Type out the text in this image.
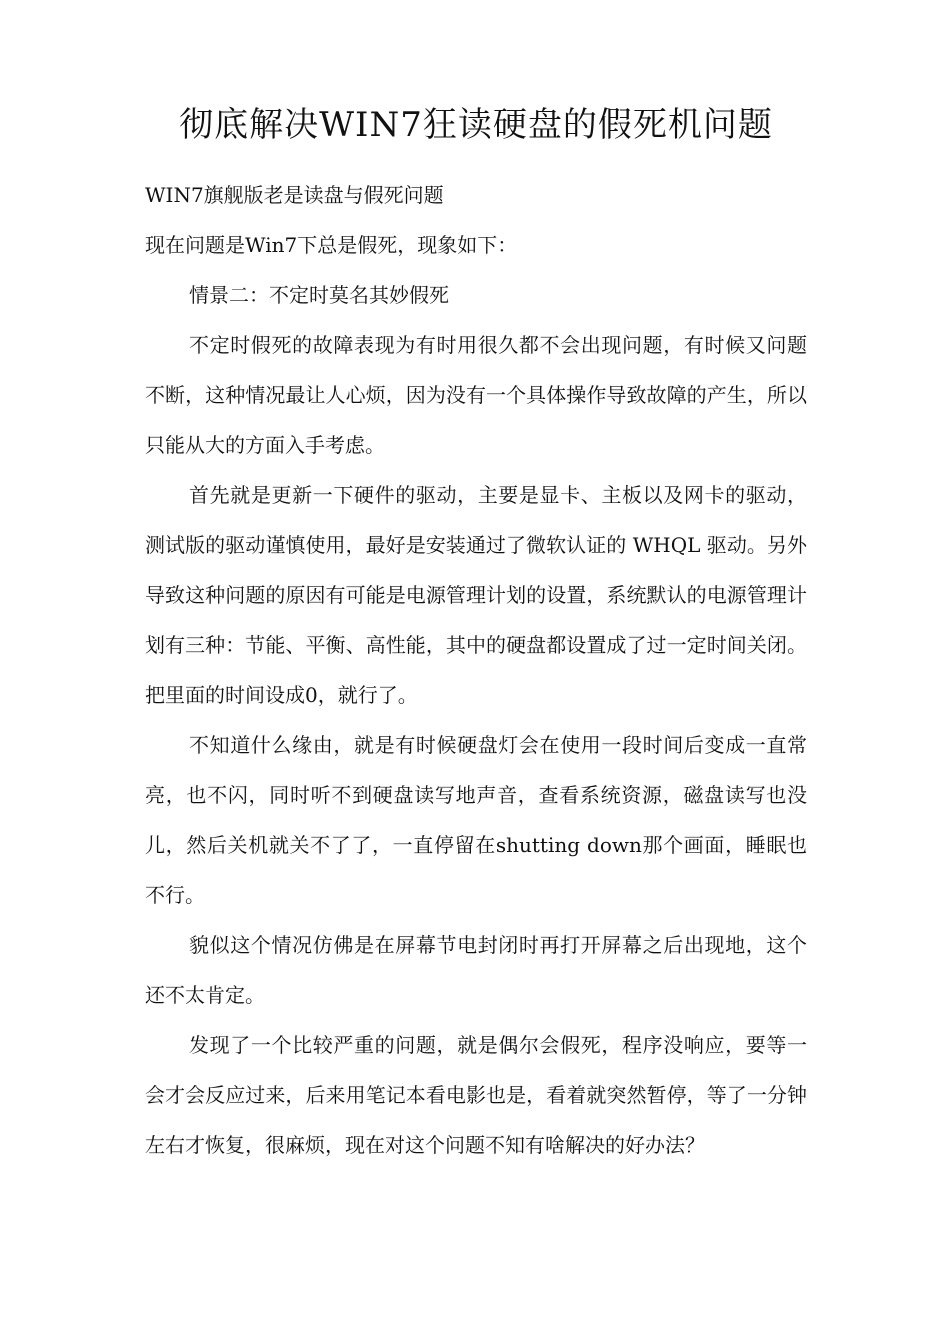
彻底解决WIN7狂读硬盘的假死机问题

WIN7旗舰版老是读盘与假死问题

现在问题是Win7下总是假死，现象如下：

情景二：不定时莫名其妙假死

不定时假死的故障表现为有时用很久都不会出现问题，有时候又问题不断，这种情况最让人心烦，因为没有一个具体操作导致故障的产生，所以只能从大的方面入手考虑。

首先就是更新一下硬件的驱动，主要是显卡、主板以及网卡的驱动，测试版的驱动谨慎使用，最好是安装通过了微软认证的 WHQL 驱动。另外导致这种问题的原因有可能是电源管理计划的设置，系统默认的电源管理计划有三种：节能、平衡、高性能，其中的硬盘都设置成了过一定时间关闭。把里面的时间设成0，就行了。

不知道什么缘由，就是有时候硬盘灯会在使用一段时间后变成一直常亮，也不闪，同时听不到硬盘读写地声音，查看系统资源，磁盘读写也没儿，然后关机就关不了了，一直停留在shutting down那个画面，睡眠也不行。

貌似这个情况仿佛是在屏幕节电封闭时再打开屏幕之后出现地，这个还不太肯定。

发现了一个比较严重的问题，就是偶尔会假死，程序没响应，要等一会才会反应过来，后来用笔记本看电影也是，看着就突然暂停，等了一分钟左右才恢复，很麻烦，现在对这个问题不知有啥解决的好办法？
